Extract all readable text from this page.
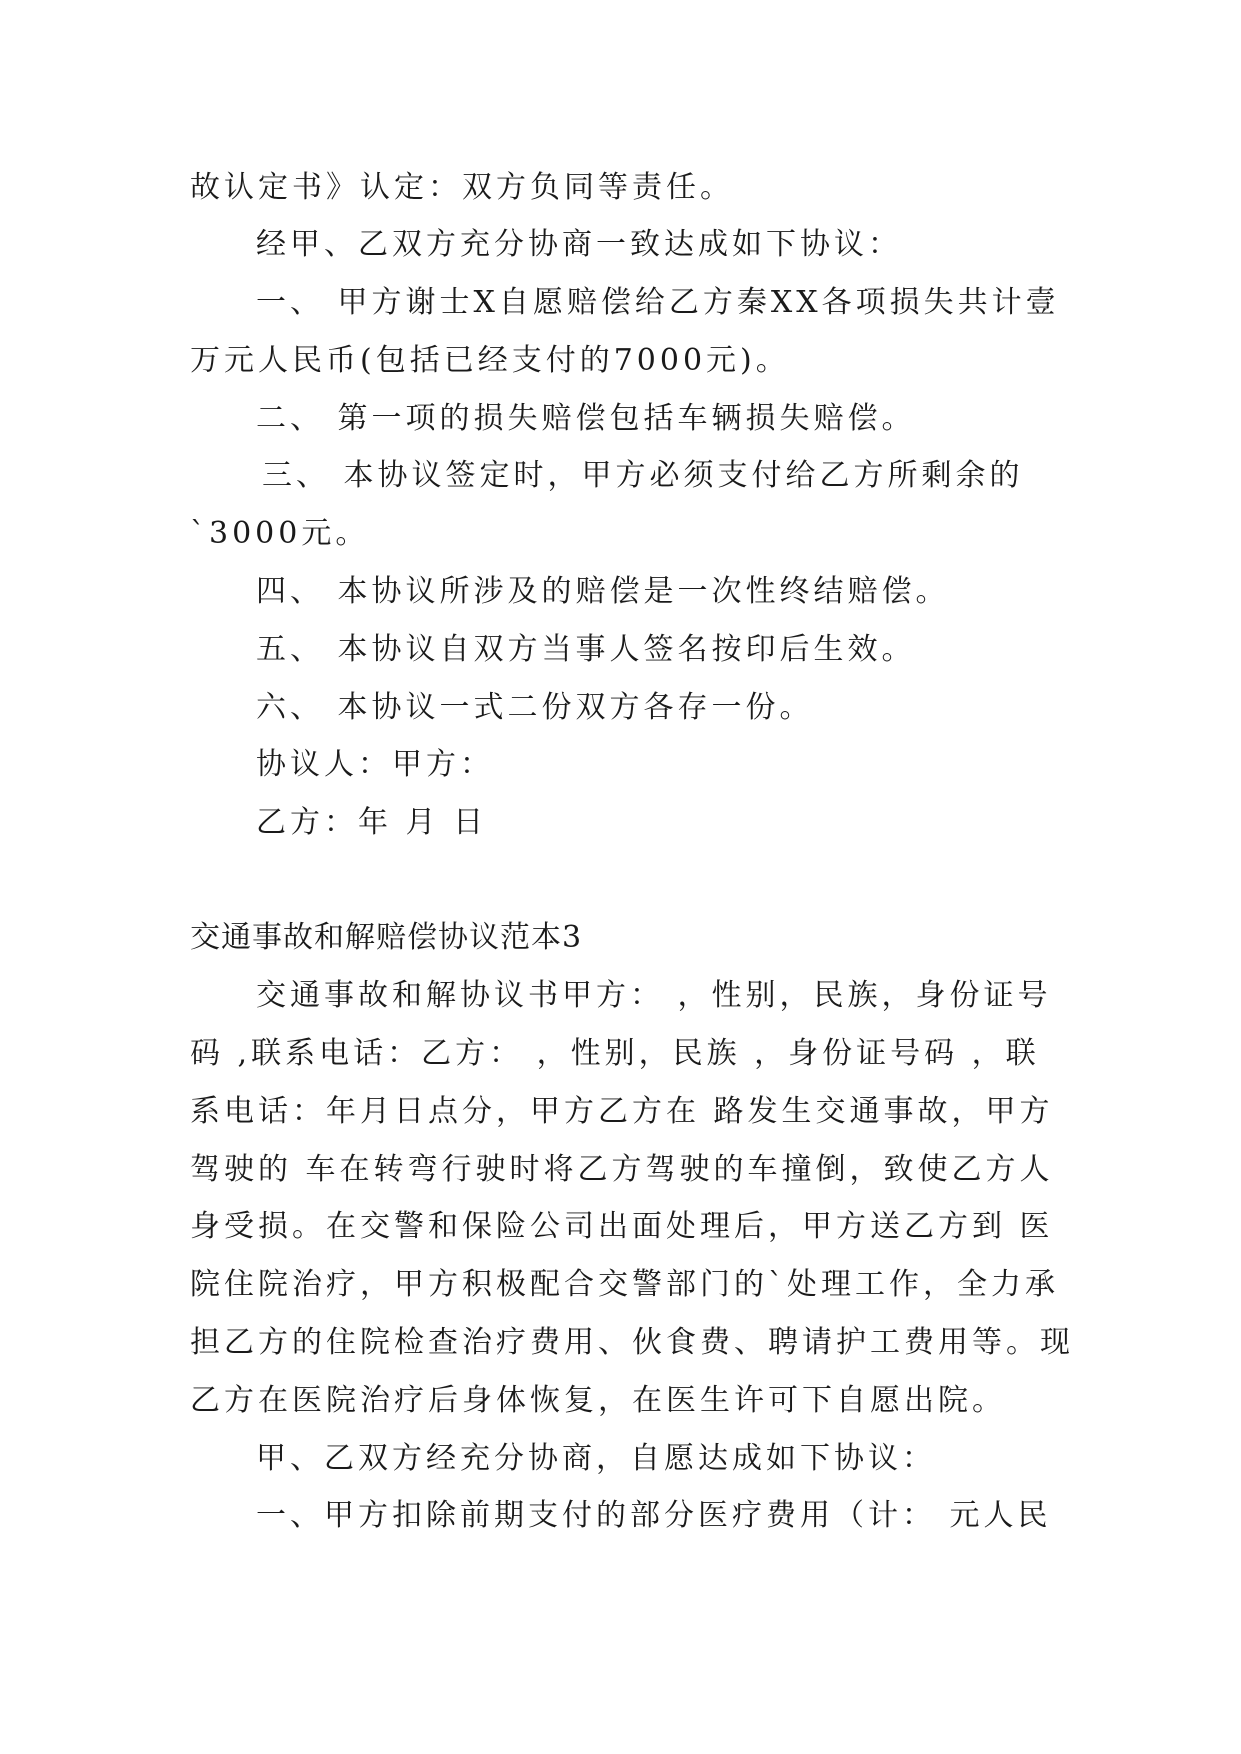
故认定书》认定：双方负同等责任。
经甲、乙双方充分协商一致达成如下协议：
一、 甲方谢士X自愿赔偿给乙方秦XX各项损失共计壹
万元人民币(包括已经支付的7000元)。
二、 第一项的损失赔偿包括车辆损失赔偿。
三、 本协议签定时，甲方必须支付给乙方所剩余的
`3000元。
四、 本协议所涉及的赔偿是一次性终结赔偿。
五、 本协议自双方当事人签名按印后生效。
六、 本协议一式二份双方各存一份。
协议人：甲方：
乙方：年 月 日
交通事故和解赔偿协议范本3
交通事故和解协议书甲方： ，性别，民族，身份证号
码 ,联系电话：乙方： ，性别，民族 ，身份证号码 ，联
系电话：年月日点分，甲方乙方在 路发生交通事故，甲方
驾驶的 车在转弯行驶时将乙方驾驶的车撞倒，致使乙方人
身受损。在交警和保险公司出面处理后，甲方送乙方到 医
院住院治疗，甲方积极配合交警部门的`处理工作，全力承
担乙方的住院检查治疗费用、伙食费、聘请护工费用等。现
乙方在医院治疗后身体恢复，在医生许可下自愿出院。
甲、乙双方经充分协商，自愿达成如下协议：
一、甲方扣除前期支付的部分医疗费用（计： 元人民
